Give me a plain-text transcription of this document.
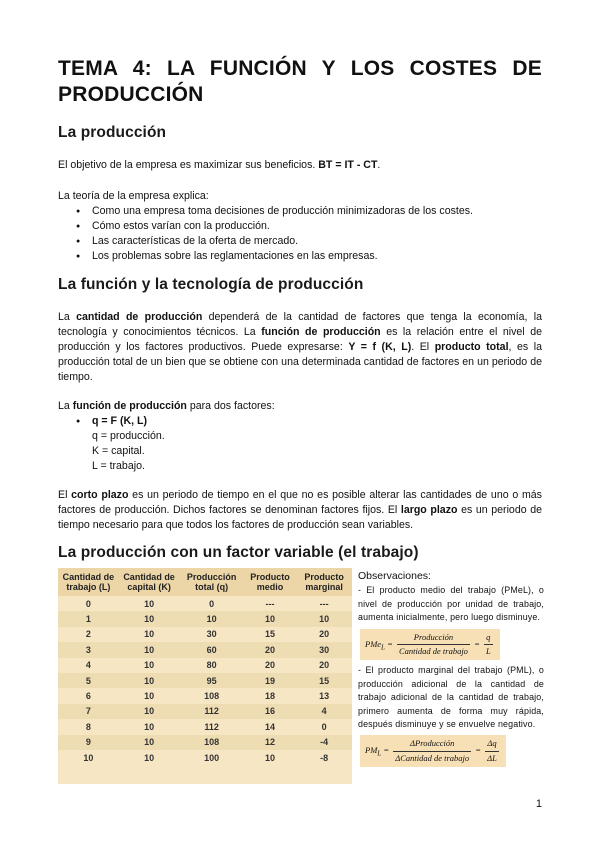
TEMA 4: LA FUNCIÓN Y LOS COSTES DE
PRODUCCIÓN
La producción

El objetivo de la empresa es maximizar sus beneficios. BT = IT - CT.

La teoría de la empresa explica:

● Como una empresa toma decisiones de producción minimizadoras de los costes.
● Cómo estos varían con la producción.
● Las características de la oferta de mercado.
● Los problemas sobre las reglamentaciones en las empresas.
La función y la tecnología de producción

La cantidad de producción dependerá de la cantidad de factores que tenga la economía, la tecnología y conocimientos técnicos. La función de producción es la relación entre el nivel de producción y los factores productivos. Puede expresarse: Y = f (K, L). El producto total, es la producción total de un bien que se obtiene con una determinada cantidad de factores en un periodo de tiempo.

La función de producción para dos factores:

● q = F (K, L)
q = producción.
K = capital.
L = trabajo.

El corto plazo es un periodo de tiempo en el que no es posible alterar las cantidades de uno o más factores de producción. Dichos factores se denominan factores fijos. El largo plazo es un periodo de tiempo necesario para que todos los factores de producción sean variables.

La producción con un factor variable (el trabajo)
Cantidad de trabajo (L)	Cantidad de capital (K)	Producción total (q)	Producto medio	Producto marginal
0	10	0	---	---
1	10	10	10	10
2	10	30	15	20
3	10	60	20	30
4	10	80	20	20
5	10	95	19	15
6	10	108	18	13
7	10	112	16	4
8	10	112	14	0
9	10	108	12	-4
10	10	100	10	-8
Observaciones:
- El producto medio del trabajo (PMeL), o nivel de producción por unidad de trabajo, aumenta inicialmente, pero luego disminuye.
$PMe_L = \frac{\text{Producción}}{\text{Cantidad de trabajo}} = \frac{q}{L}$
- El producto marginal del trabajo (PML), o producción adicional de la cantidad de trabajo adicional de la cantidad de trabajo, primero aumenta de forma muy rápida, después disminuye y se envuelve negativo.
$PM_L = \frac{\text{ΔProducción}}{\text{ΔCantidad de trabajo}} = \frac{\Delta q}{\Delta L}$
1
